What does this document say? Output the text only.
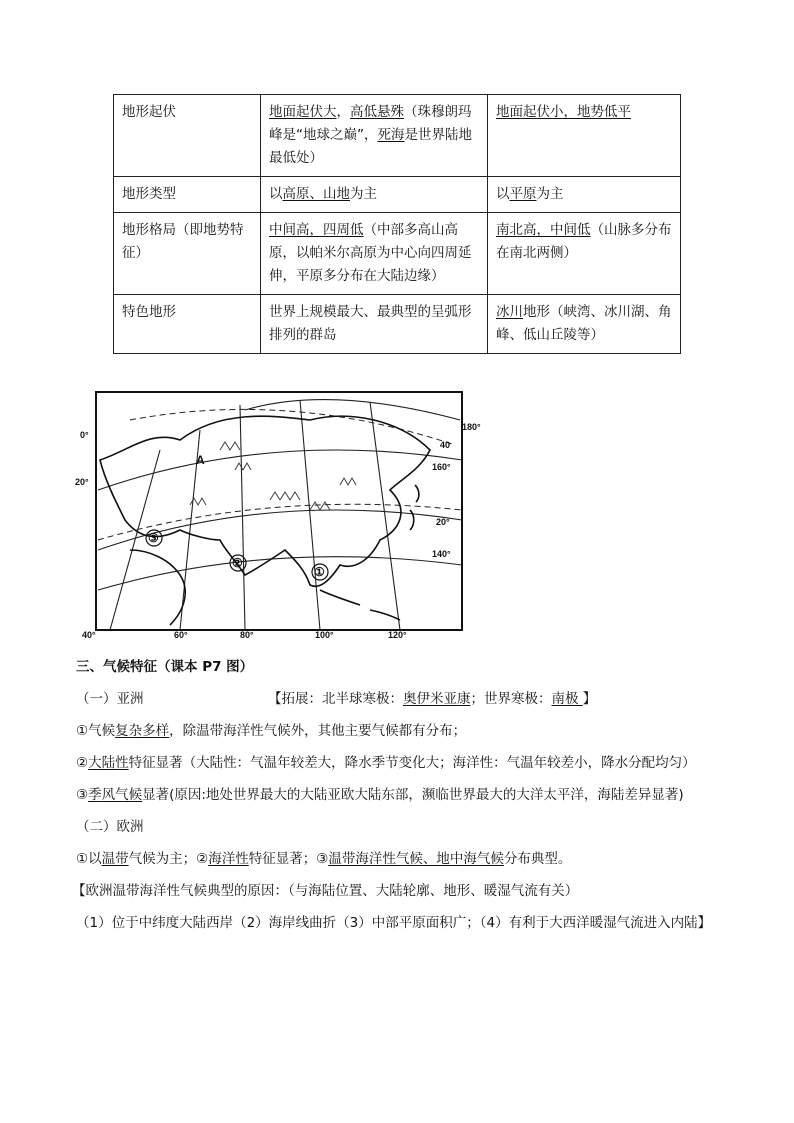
地形起伏	地面起伏大，高低悬殊（珠穆朗玛峰是“地球之巅”，死海是世界陆地最低处）	地面起伏小，地势低平
地形类型	以高原、山地为主	以平原为主
地形格局（即地势特征）	中间高，四周低（中部多高山高原，以帕米尔高原为中心向四周延伸，平原多分布在大陆边缘）	南北高，中间低（山脉多分布在南北两侧）
特色地形	世界上规模最大、最典型的呈弧形排列的群岛	冰川地形（峡湾、冰川湖、角峰、低山丘陵等）
0°
20°
180°
40
160°
20°
140°
40°	60°	80°	100°	120°
A
①
②
③
三、气候特征（课本 P7 图）
（一）亚洲	【拓展：北半球寒极：奥伊米亚康；世界寒极：南极 】
①气候复杂多样，除温带海洋性气候外，其他主要气候都有分布；
②大陆性特征显著（大陆性：气温年较差大，降水季节变化大；海洋性：气温年较差小，降水分配均匀）
③季风气候显著(原因:地处世界最大的大陆亚欧大陆东部，濒临世界最大的大洋太平洋，海陆差异显著)
（二）欧洲
①以温带气候为主；②海洋性特征显著；③温带海洋性气候、地中海气候分布典型。
【欧洲温带海洋性气候典型的原因：（与海陆位置、大陆轮廓、地形、暖湿气流有关）
（1）位于中纬度大陆西岸（2）海岸线曲折（3）中部平原面积广；（4）有利于大西洋暖湿气流进入内陆】
